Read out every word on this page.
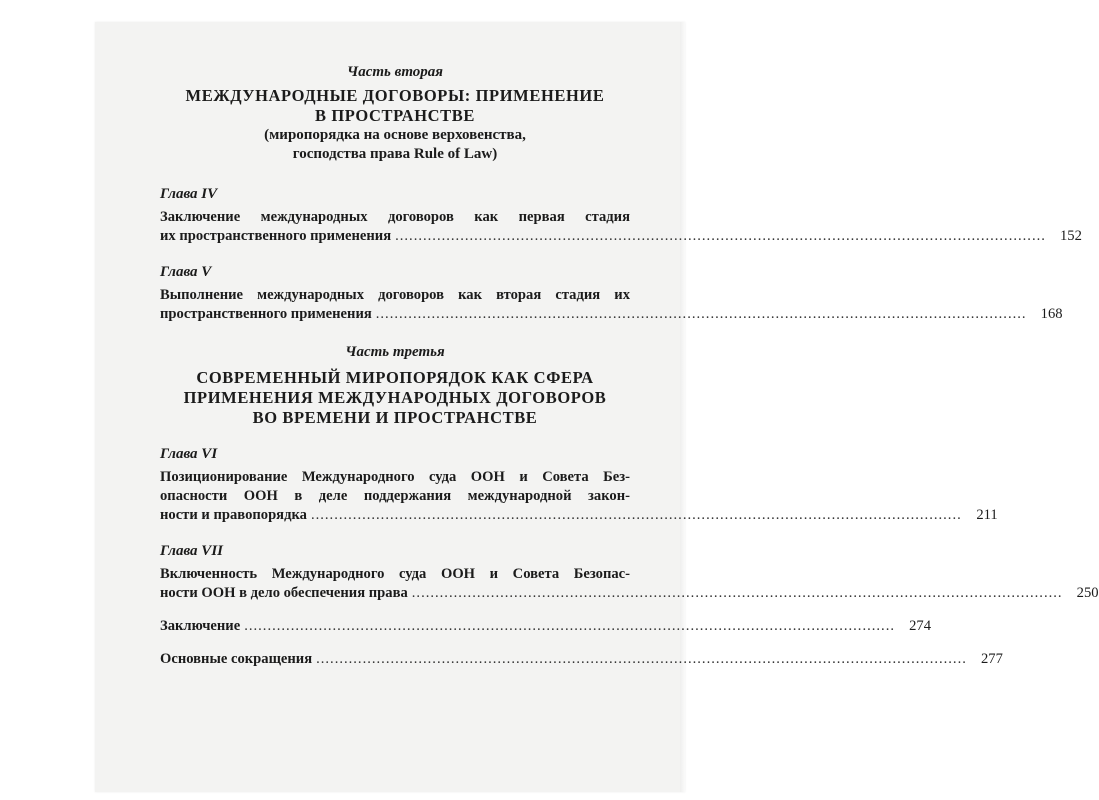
Часть вторая

МЕЖДУНАРОДНЫЕ ДОГОВОРЫ: ПРИМЕНЕНИЕ
В ПРОСТРАНСТВЕ
(миропорядка на основе верховенства,
господства права Rule of Law)

Глава IV

Заключение международных договоров как первая стадия
их пространственного применения ............................................................................................................................................ 152

Глава V

Выполнение международных договоров как вторая стадия их
пространственного применения ............................................................................................................................................ 168

Часть третья

СОВРЕМЕННЫЙ МИРОПОРЯДОК КАК СФЕРА
ПРИМЕНЕНИЯ МЕЖДУНАРОДНЫХ ДОГОВОРОВ
ВО ВРЕМЕНИ И ПРОСТРАНСТВЕ

Глава VI

Позиционирование Международного суда ООН и Совета Без-
опасности ООН в деле поддержания международной закон-
ности и правопорядка ............................................................................................................................................	211

Глава VII

Включенность Международного суда ООН и Совета Безопас-
ности ООН в дело обеспечения права ............................................................................................................................................ 250
Заключение ............................................................................................................................................ 274
Основные сокращения ............................................................................................................................................ 277
